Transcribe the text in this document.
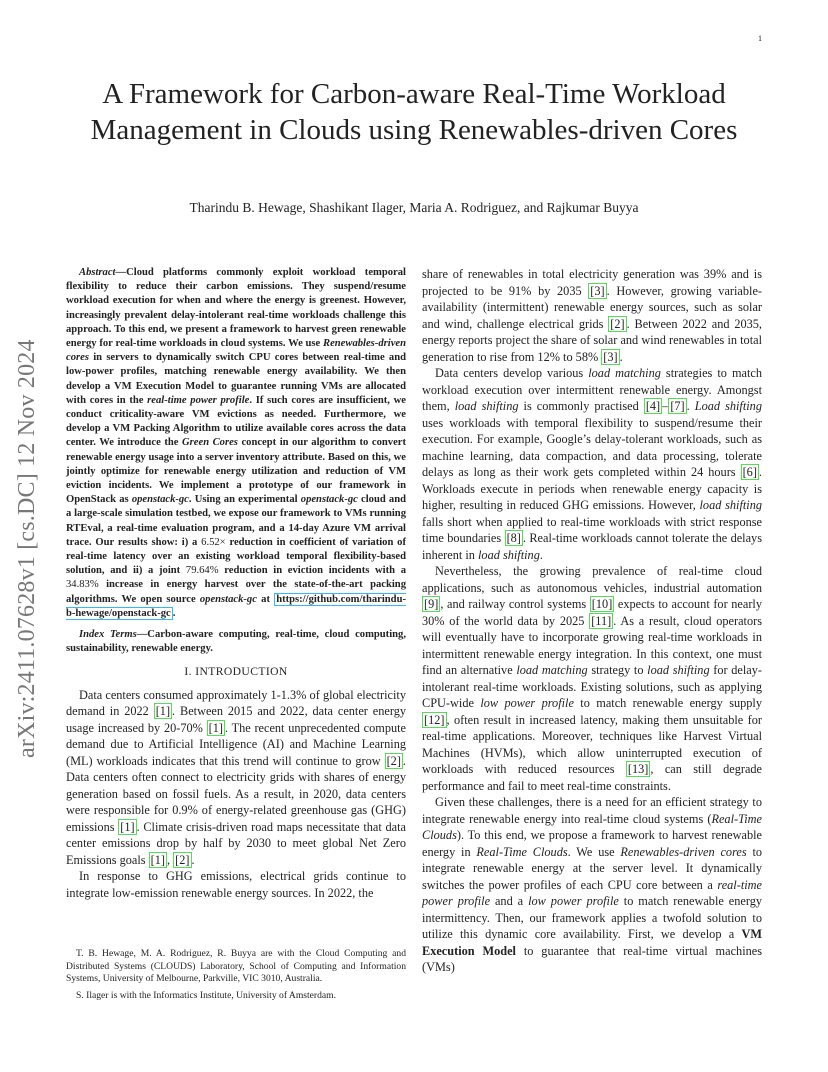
1
A Framework for Carbon-aware Real-Time Workload Management in Clouds using Renewables-driven Cores
Tharindu B. Hewage, Shashikant Ilager, Maria A. Rodriguez, and Rajkumar Buyya
arXiv:2411.07628v1 [cs.DC] 12 Nov 2024

Abstract—Cloud platforms commonly exploit workload temporal flexibility to reduce their carbon emissions. They suspend/resume workload execution for when and where the energy is greenest. However, increasingly prevalent delay-intolerant real-time workloads challenge this approach. To this end, we present a framework to harvest green renewable energy for real-time workloads in cloud systems. We use Renewables-driven cores in servers to dynamically switch CPU cores between real-time and low-power profiles, matching renewable energy availability. We then develop a VM Execution Model to guarantee running VMs are allocated with cores in the real-time power profile. If such cores are insufficient, we conduct criticality-aware VM evictions as needed. Furthermore, we develop a VM Packing Algorithm to utilize available cores across the data center. We introduce the Green Cores concept in our algorithm to convert renewable energy usage into a server inventory attribute. Based on this, we jointly optimize for renewable energy utilization and reduction of VM eviction incidents. We implement a prototype of our framework in OpenStack as openstack-gc. Using an experimental openstack-gc cloud and a large-scale simulation testbed, we expose our framework to VMs running RTEval, a real-time evaluation program, and a 14-day Azure VM arrival trace. Our results show: i) a 6.52× reduction in coefficient of variation of real-time latency over an existing workload temporal flexibility-based solution, and ii) a joint 79.64% reduction in eviction incidents with a 34.83% increase in energy harvest over the state-of-the-art packing algorithms. We open source openstack-gc at https://github.com/tharindu-b-hewage/openstack-gc .

Index Terms—Carbon-aware computing, real-time, cloud computing, sustainability, renewable energy.

I. INTRODUCTION

Data centers consumed approximately 1-1.3% of global electricity demand in 2022 [1] . Between 2015 and 2022, data center energy usage increased by 20-70% [1] . The recent unprecedented compute demand due to Artificial Intelligence (AI) and Machine Learning (ML) workloads indicates that this trend will continue to grow [2] . Data centers often connect to electricity grids with shares of energy generation based on fossil fuels. As a result, in 2020, data centers were responsible for 0.9% of energy-related greenhouse gas (GHG) emissions [1] . Climate crisis-driven road maps necessitate that data center emissions drop by half by 2030 to meet global Net Zero Emissions goals [1] , [2] .

In response to GHG emissions, electrical grids continue to integrate low-emission renewable energy sources. In 2022, the

T. B. Hewage, M. A. Rodriguez, R. Buyya are with the Cloud Computing and Distributed Systems (CLOUDS) Laboratory, School of Computing and Information Systems, University of Melbourne, Parkville, VIC 3010, Australia.

S. Ilager is with the Informatics Institute, University of Amsterdam.

share of renewables in total electricity generation was 39% and is projected to be 91% by 2035 [3] . However, growing variable-availability (intermittent) renewable energy sources, such as solar and wind, challenge electrical grids [2] . Between 2022 and 2035, energy reports project the share of solar and wind renewables in total generation to rise from 12% to 58% [3] .

Data centers develop various load matching strategies to match workload execution over intermittent renewable energy. Amongst them, load shifting is commonly practised [4] – [7] . Load shifting uses workloads with temporal flexibility to suspend/resume their execution. For example, Google’s delay-tolerant workloads, such as machine learning, data compaction, and data processing, tolerate delays as long as their work gets completed within 24 hours [6] . Workloads execute in periods when renewable energy capacity is higher, resulting in reduced GHG emissions. However, load shifting falls short when applied to real-time workloads with strict response time boundaries [8] . Real-time workloads cannot tolerate the delays inherent in load shifting.

Nevertheless, the growing prevalence of real-time cloud applications, such as autonomous vehicles, industrial automation [9] , and railway control systems [10] expects to account for nearly 30% of the world data by 2025 [11] . As a result, cloud operators will eventually have to incorporate growing real-time workloads in intermittent renewable energy integration. In this context, one must find an alternative load matching strategy to load shifting for delay-intolerant real-time workloads. Existing solutions, such as applying CPU-wide low power profile to match renewable energy supply [12] , often result in increased latency, making them unsuitable for real-time applications. Moreover, techniques like Harvest Virtual Machines (HVMs), which allow uninterrupted execution of workloads with reduced resources [13] , can still degrade performance and fail to meet real-time constraints.

Given these challenges, there is a need for an efficient strategy to integrate renewable energy into real-time cloud systems (Real-Time Clouds). To this end, we propose a framework to harvest renewable energy in Real-Time Clouds. We use Renewables-driven cores to integrate renewable energy at the server level. It dynamically switches the power profiles of each CPU core between a real-time power profile and a low power profile to match renewable energy intermittency. Then, our framework applies a twofold solution to utilize this dynamic core availability. First, we develop a VM Execution Model to guarantee that real-time virtual machines (VMs)
